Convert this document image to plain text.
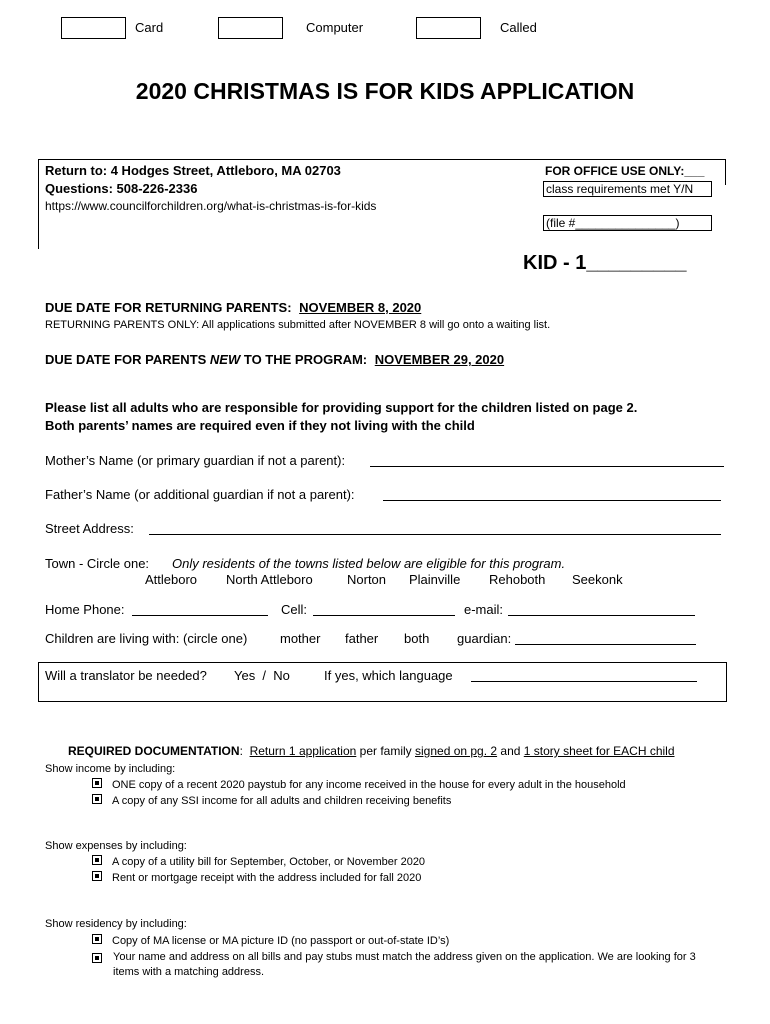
Card	Computer	Called
2020 CHRISTMAS IS FOR KIDS APPLICATION
Return to: 4 Hodges Street, Attleboro, MA 02703
Questions: 508-226-2336
https://www.councilforchildren.org/what-is-christmas-is-for-kids
FOR OFFICE USE ONLY:___
class requirements met Y/N
(file #_______________)
KID - 1_________
DUE DATE FOR RETURNING PARENTS: NOVEMBER 8, 2020
RETURNING PARENTS ONLY: All applications submitted after NOVEMBER 8 will go onto a waiting list.
DUE DATE FOR PARENTS NEW TO THE PROGRAM: NOVEMBER 29, 2020
Please list all adults who are responsible for providing support for the children listed on page 2.
Both parents’ names are required even if they not living with the child
Mother’s Name (or primary guardian if not a parent):
Father’s Name (or additional guardian if not a parent):
Street Address:
Town - Circle one: Only residents of the towns listed below are eligible for this program.
Attleboro North Attleboro	Norton Plainville Rehoboth Seekonk
Home Phone:	Cell:	e-mail:
Children are living with: (circle one)	mother father both guardian:
Will a translator be needed? Yes  /  No	If yes, which language

REQUIRED DOCUMENTATION: Return 1 application per family signed on pg. 2 and 1 story sheet for EACH child

Show income by including:
ONE copy of a recent 2020 paystub for any income received in the house for every adult in the household
A copy of any SSI income for all adults and children receiving benefits
Show expenses by including:
A copy of a utility bill for September, October, or November 2020
Rent or mortgage receipt with the address included for fall 2020
Show residency by including:
Copy of MA license or MA picture ID (no passport or out-of-state ID’s)
Your name and address on all bills and pay stubs must match the address given on the application. We are looking for 3 items with a matching address.
